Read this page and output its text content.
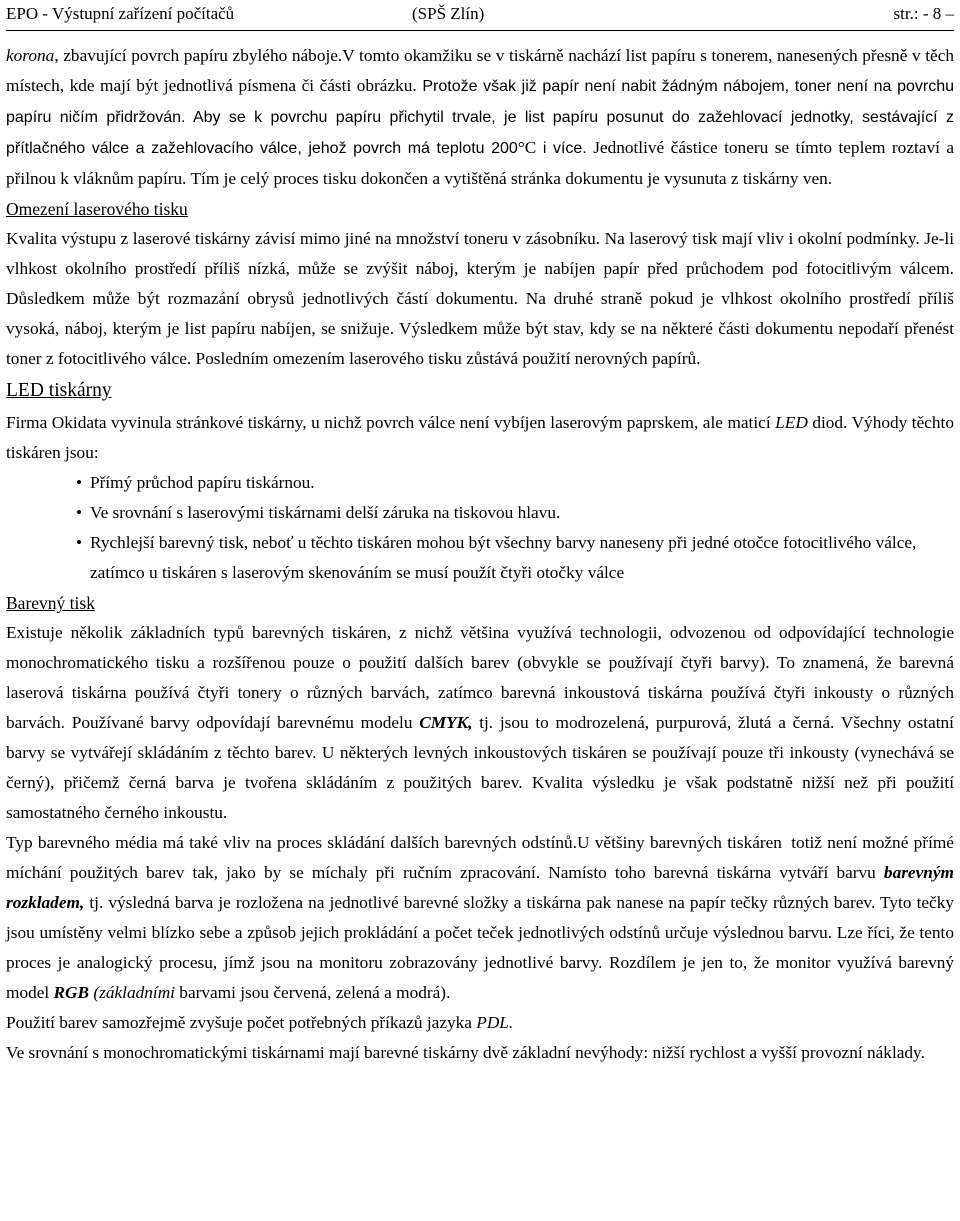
EPO - Výstupní zařízení počítačů	(SPŠ Zlín)	str.: - 8 –

korona, zbavující povrch papíru zbylého náboje.V tomto okamžiku se v tiskárně nachází list papíru s tonerem, nanesených přesně v těch místech, kde mají být jednotlivá písmena či části obrázku. Protože však již papír není nabit žádným nábojem, toner není na povrchu papíru ničím přidržován. Aby se k povrchu papíru přichytil trvale, je list papíru posunut do zažehlovací jednotky, sestávající z přítlačného válce a zažehlovacího válce, jehož povrch má teplotu 200°C i více. Jednotlivé částice toneru se tímto teplem roztaví a přilnou k vláknům papíru. Tím je celý proces tisku dokončen a vytištěná stránka dokumentu je vysunuta z tiskárny ven.

Omezení laserového tisku

Kvalita výstupu z laserové tiskárny závisí mimo jiné na množství toneru v zásobníku. Na laserový tisk mají vliv i okolní podmínky. Je-li vlhkost okolního prostředí příliš nízká, může se zvýšit náboj, kterým je nabíjen papír před průchodem pod fotocitlivým válcem. Důsledkem může být rozmazání obrysů jednotlivých částí dokumentu. Na druhé straně pokud je vlhkost okolního prostředí příliš vysoká, náboj, kterým je list papíru nabíjen, se snižuje. Výsledkem může být stav, kdy se na některé části dokumentu nepodaří přenést toner z fotocitlivého válce. Posledním omezením laserového tisku zůstává použití nerovných papírů.

LED tiskárny

Firma Okidata vyvinula stránkové tiskárny, u nichž povrch válce není vybíjen laserovým paprskem, ale maticí LED diod. Výhody těchto tiskáren jsou:

• Přímý průchod papíru tiskárnou.
• Ve srovnání s laserovými tiskárnami delší záruka na tiskovou hlavu.
• Rychlejší barevný tisk, neboť u těchto tiskáren mohou být všechny barvy naneseny při jedné otočce fotocitlivého válce, zatímco u tiskáren s laserovým skenováním se musí použít čtyři otočky válce
Barevný tisk

Existuje několik základních typů barevných tiskáren, z nichž většina využívá technologii, odvozenou od odpovídající technologie monochromatického tisku a rozšířenou pouze o použití dalších barev (obvykle se používají čtyři barvy). To znamená, že barevná laserová tiskárna používá čtyři tonery o různých barvách, zatímco barevná inkoustová tiskárna používá čtyři inkousty o různých barvách. Používané barvy odpovídají barevnému modelu CMYK, tj. jsou to modrozelená, purpurová, žlutá a černá. Všechny ostatní barvy se vytvářejí skládáním z těchto barev. U některých levných inkoustových tiskáren se používají pouze tři inkousty (vynechává se černý), přičemž černá barva je tvořena skládáním z použitých barev. Kvalita výsledku je však podstatně nižší než při použití samostatného černého inkoustu.

Typ barevného média má také vliv na proces skládání dalších barevných odstínů.U většiny barevných tiskáren totiž není možné přímé míchání použitých barev tak, jako by se míchaly při ručním zpracování. Namísto toho barevná tiskárna vytváří barvu barevným rozkladem, tj. výsledná barva je rozložena na jednotlivé barevné složky a tiskárna pak nanese na papír tečky různých barev. Tyto tečky jsou umístěny velmi blízko sebe a způsob jejich prokládání a počet teček jednotlivých odstínů určuje výslednou barvu. Lze říci, že tento proces je analogický procesu, jímž jsou na monitoru zobrazovány jednotlivé barvy. Rozdílem je jen to, že monitor využívá barevný model RGB (základními barvami jsou červená, zelená a modrá).

Použití barev samozřejmě zvyšuje počet potřebných příkazů jazyka PDL.

Ve srovnání s monochromatickými tiskárnami mají barevné tiskárny dvě základní nevýhody: nižší rychlost a vyšší provozní náklady.
